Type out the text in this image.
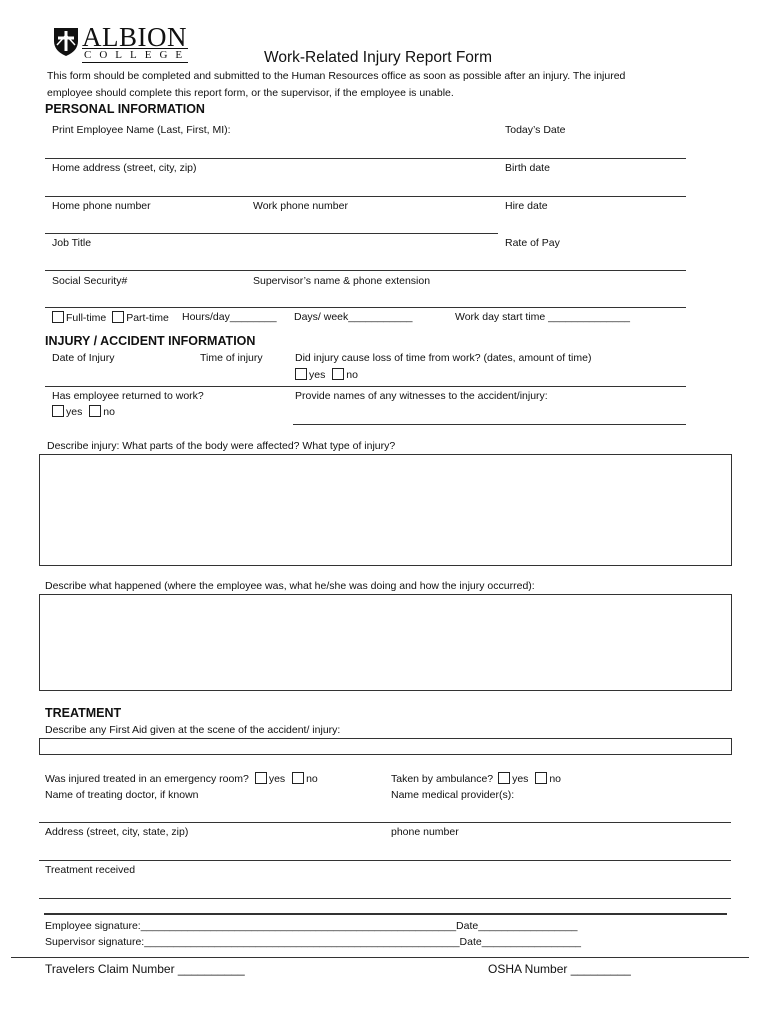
ALBION
COLLEGE	Work-Related Injury Report Form
This form should be completed and submitted to the Human Resources office as soon as possible after an injury. The injured
employee should complete this report form, or the supervisor, if the employee is unable.
PERSONAL INFORMATION
Print Employee Name (Last, First, MI):	Today’s Date
Home address (street, city, zip)	Birth date
Home phone number	Work phone number	Hire date
Job Title	Rate of Pay
Social Security#	Supervisor’s name & phone extension
Full-time Part-time Hours/day________ Days/ week___________	Work day start time ______________
INJURY / ACCIDENT INFORMATION
Date of Injury	Time of injury	Did injury cause loss of time from work? (dates, amount of time)
yes no
Has employee returned to work?	Provide names of any witnesses to the accident/injury:
yes no
Describe injury: What parts of the body were affected? What type of injury?
Describe what happened (where the employee was, what he/she was doing and how the injury occurred):
TREATMENT
Describe any First Aid given at the scene of the accident/ injury:
Was injured treated in an emergency room? yes no	Taken by ambulance? yes no
Name of treating doctor, if known	Name medical provider(s):
Address (street, city, state, zip)	phone number
Treatment received
Employee signature:______________________________________________________Date_________________
Supervisor signature:______________________________________________________Date_________________
Travelers Claim Number __________	OSHA Number _________
